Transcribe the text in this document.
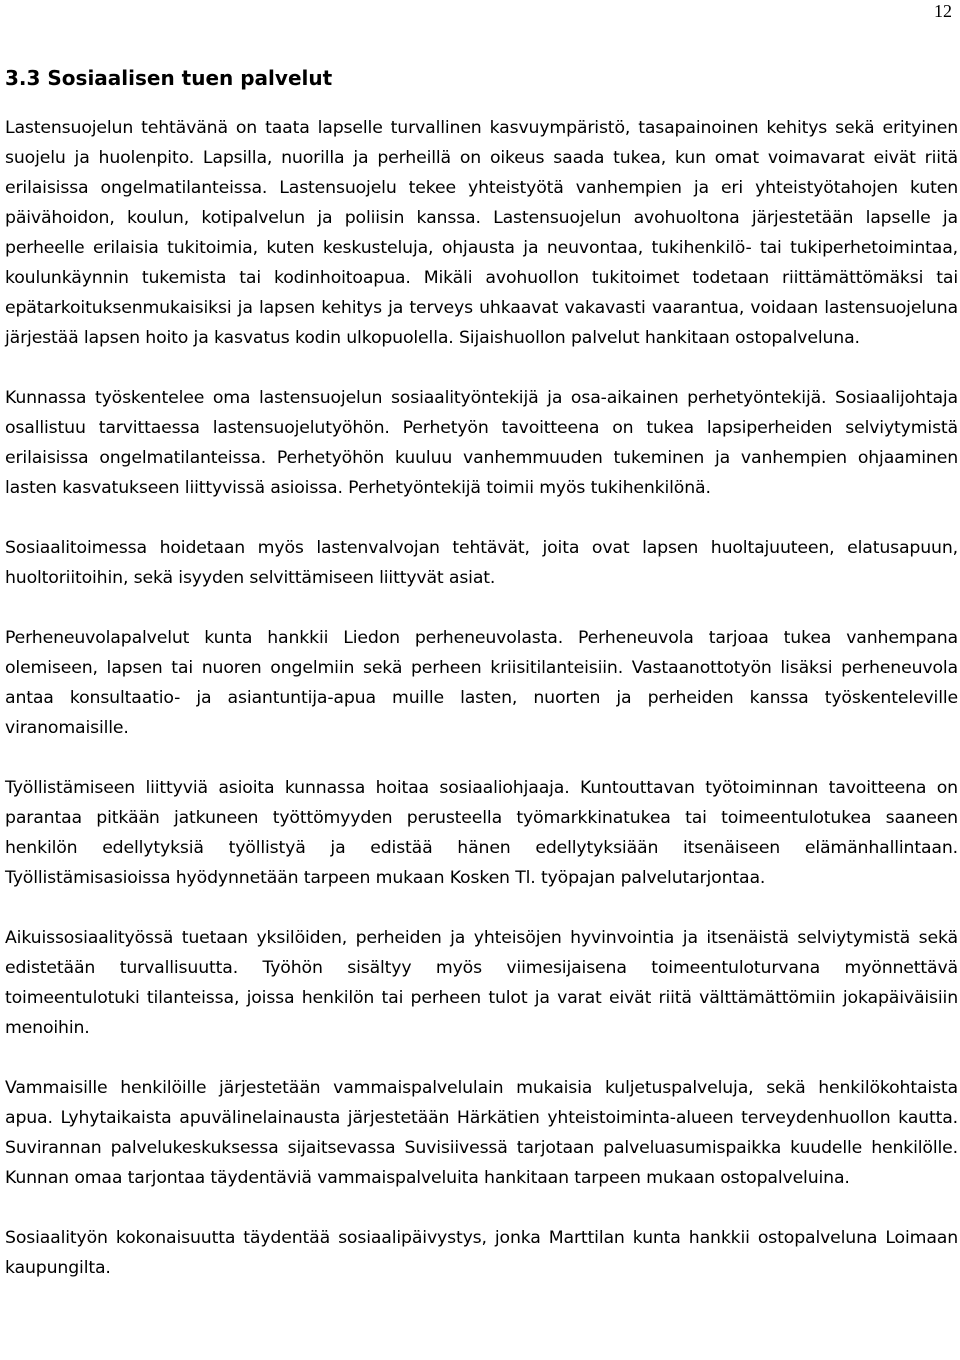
12
3.3 Sosiaalisen tuen palvelut

Lastensuojelun tehtävänä on taata lapselle turvallinen kasvuympäristö, tasapainoinen kehitys sekä erityinen suojelu ja huolenpito. Lapsilla, nuorilla ja perheillä on oikeus saada tukea, kun omat voimavarat eivät riitä erilaisissa ongelmatilanteissa. Lastensuojelu tekee yhteistyötä vanhempien ja eri yhteistyötahojen kuten päivähoidon, koulun, kotipalvelun ja poliisin kanssa. Lastensuojelun avohuoltona järjestetään lapselle ja perheelle erilaisia tukitoimia, kuten keskusteluja, ohjausta ja neuvontaa, tukihenkilö- tai tukiperhetoimintaa, koulunkäynnin tukemista tai kodinhoitoapua. Mikäli avohuollon tukitoimet todetaan riittämättömäksi tai epätarkoituksenmukaisiksi ja lapsen kehitys ja terveys uhkaavat vakavasti vaarantua, voidaan lastensuojeluna järjestää lapsen hoito ja kasvatus kodin ulkopuolella. Sijaishuollon palvelut hankitaan ostopalveluna.

Kunnassa työskentelee oma lastensuojelun sosiaalityöntekijä ja osa-aikainen perhetyöntekijä. Sosiaalijohtaja osallistuu tarvittaessa lastensuojelutyöhön. Perhetyön tavoitteena on tukea lapsiperheiden selviytymistä erilaisissa ongelmatilanteissa. Perhetyöhön kuuluu vanhemmuuden tukeminen ja vanhempien ohjaaminen lasten kasvatukseen liittyvissä asioissa. Perhetyöntekijä toimii myös tukihenkilönä.

Sosiaalitoimessa hoidetaan myös lastenvalvojan tehtävät, joita ovat lapsen huoltajuuteen, elatusapuun, huoltoriitoihin, sekä isyyden selvittämiseen liittyvät asiat.

Perheneuvolapalvelut kunta hankkii Liedon perheneuvolasta. Perheneuvola tarjoaa tukea vanhempana olemiseen, lapsen tai nuoren ongelmiin sekä perheen kriisitilanteisiin. Vastaanottotyön lisäksi perheneuvola antaa konsultaatio- ja asiantuntija-apua muille lasten, nuorten ja perheiden kanssa työskenteleville viranomaisille.

Työllistämiseen liittyviä asioita kunnassa hoitaa sosiaaliohjaaja. Kuntouttavan työtoiminnan tavoitteena on parantaa pitkään jatkuneen työttömyyden perusteella työmarkkinatukea tai toimeentulotukea saaneen henkilön edellytyksiä työllistyä ja edistää hänen edellytyksiään itsenäiseen elämänhallintaan. Työllistämisasioissa hyödynnetään tarpeen mukaan Kosken Tl. työpajan palvelutarjontaa.

Aikuissosiaalityössä tuetaan yksilöiden, perheiden ja yhteisöjen hyvinvointia ja itsenäistä selviytymistä sekä edistetään turvallisuutta. Työhön sisältyy myös viimesijaisena toimeentuloturvana myönnettävä toimeentulotuki tilanteissa, joissa henkilön tai perheen tulot ja varat eivät riitä välttämättömiin jokapäiväisiin menoihin.

Vammaisille henkilöille järjestetään vammaispalvelulain mukaisia kuljetuspalveluja, sekä henkilökohtaista apua. Lyhytaikaista apuvälinelainausta järjestetään Härkätien yhteistoiminta-alueen terveydenhuollon kautta. Suvirannan palvelukeskuksessa sijaitsevassa Suvisiivessä tarjotaan palveluasumispaikka kuudelle henkilölle. Kunnan omaa tarjontaa täydentäviä vammaispalveluita hankitaan tarpeen mukaan ostopalveluina.

Sosiaalityön kokonaisuutta täydentää sosiaalipäivystys, jonka Marttilan kunta hankkii ostopalveluna Loimaan kaupungilta.
